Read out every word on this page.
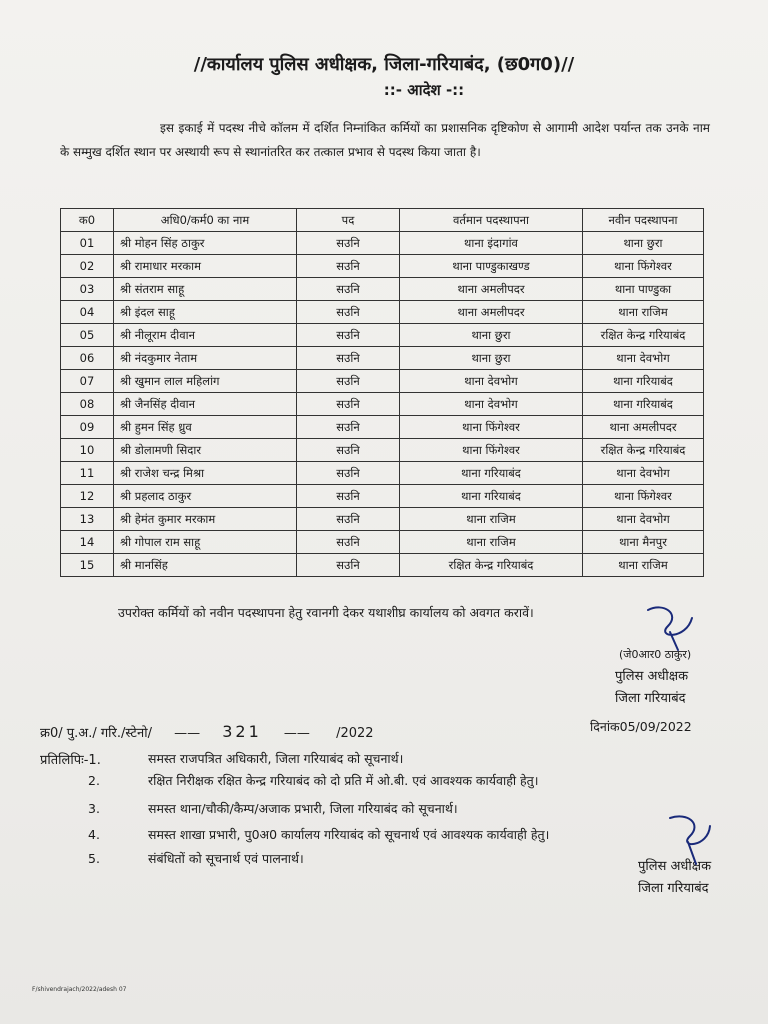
//कार्यालय पुलिस अधीक्षक, जिला-गरियाबंद, (छ0ग0)//
::- आदेश -::
इस इकाई में पदस्थ नीचे कॉलम में दर्शित निम्नांकित कर्मियों का प्रशासनिक दृष्टिकोण से आगामी आदेश पर्यान्त तक उनके नाम के सम्मुख दर्शित स्थान पर अस्थायी रूप से स्थानांतरित कर तत्काल प्रभाव से पदस्थ किया जाता है।
क0	अधि0/कर्म0 का नाम	पद	वर्तमान पदस्थापना	नवीन पदस्थापना
01	श्री मोहन सिंह ठाकुर	सउनि	थाना इंदागांव	थाना छुरा
02	श्री रामाधार मरकाम	सउनि	थाना पाण्डुकाखण्ड	थाना फिंगेश्वर
03	श्री संतराम साहू	सउनि	थाना अमलीपदर	थाना पाण्डुका
04	श्री इंदल साहू	सउनि	थाना अमलीपदर	थाना राजिम
05	श्री नीलूराम दीवान	सउनि	थाना छुरा	रक्षित केन्द्र गरियाबंद
06	श्री नंदकुमार नेताम	सउनि	थाना छुरा	थाना देवभोग
07	श्री खुमान लाल महिलांग	सउनि	थाना देवभोग	थाना गरियाबंद
08	श्री जैनसिंह दीवान	सउनि	थाना देवभोग	थाना गरियाबंद
09	श्री हुमन सिंह ध्रुव	सउनि	थाना फिंगेश्वर	थाना अमलीपदर
10	श्री डोलामणी सिदार	सउनि	थाना फिंगेश्वर	रक्षित केन्द्र गरियाबंद
11	श्री राजेश चन्द्र मिश्रा	सउनि	थाना गरियाबंद	थाना देवभोग
12	श्री प्रहलाद ठाकुर	सउनि	थाना गरियाबंद	थाना फिंगेश्वर
13	श्री हेमंत कुमार मरकाम	सउनि	थाना राजिम	थाना देवभोग
14	श्री गोपाल राम साहू	सउनि	थाना राजिम	थाना मैनपुर
15	श्री मानसिंह	सउनि	रक्षित केन्द्र गरियाबंद	थाना राजिम
उपरोक्त कर्मियों को नवीन पदस्थापना हेतु रवानगी देकर यथाशीघ्र कार्यालय को अवगत करावें।
(जे0आर0 ठाकुर)
पुलिस अधीक्षक
जिला गरियाबंद
क्र0/ पु.अ./ गरि./स्टेनो/ —— 321 —— /2022	दिनांक05/09/2022
प्रतिलिपिः-1.	समस्त राजपत्रित अधिकारी, जिला गरियाबंद को सूचनार्थ।
2.	रक्षित निरीक्षक रक्षित केन्द्र गरियाबंद को दो प्रति में ओ.बी. एवं आवश्यक कार्यवाही हेतु।
3.	समस्त थाना/चौकी/कैम्प/अजाक प्रभारी, जिला गरियाबंद को सूचनार्थ।
4.	समस्त शाखा प्रभारी, पु0अ0 कार्यालय गरियाबंद को सूचनार्थ एवं आवश्यक कार्यवाही हेतु।
5.	संबंधितों को सूचनार्थ एवं पालनार्थ।
पुलिस अधीक्षक
जिला गरियाबंद
F/shivendrajach/2022/adesh 07
